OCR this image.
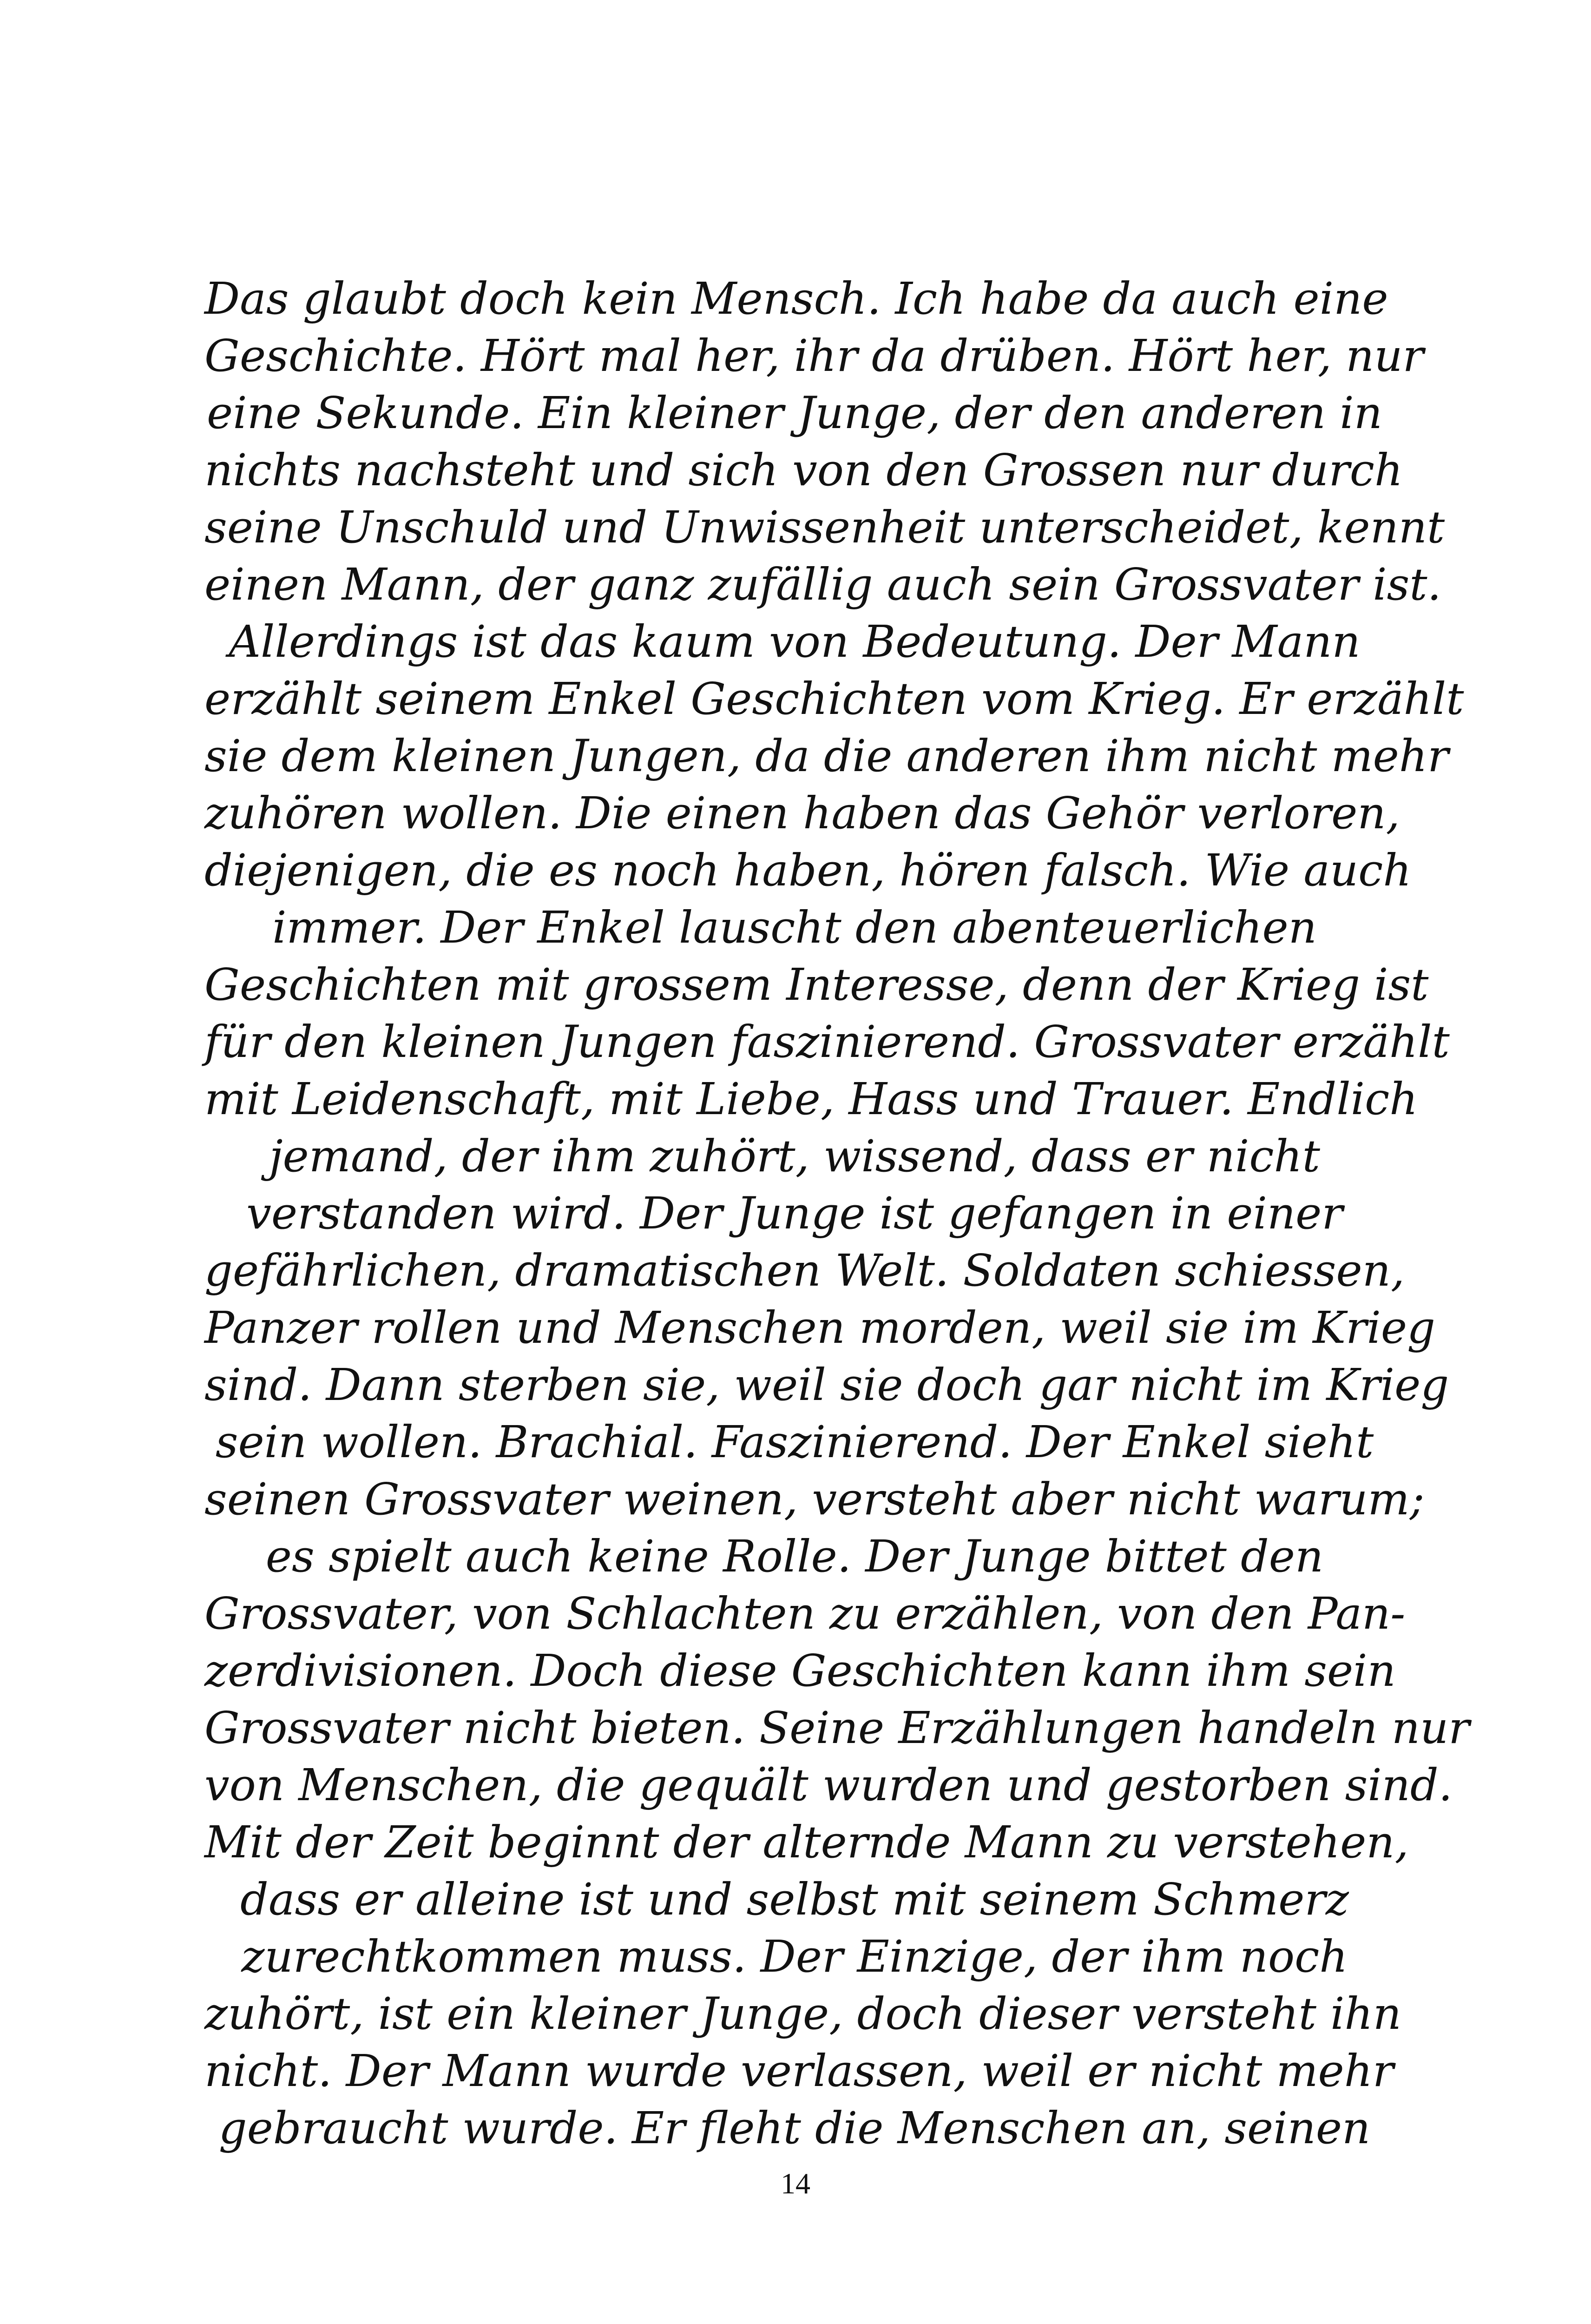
Das glaubt doch kein Mensch. Ich habe da auch eine
Geschichte. Hört mal her, ihr da drüben. Hört her, nur
eine Sekunde. Ein kleiner Junge, der den anderen in
nichts nachsteht und sich von den Grossen nur durch
seine Unschuld und Unwissenheit unterscheidet, kennt
einen Mann, der ganz zufällig auch sein Grossvater ist.
Allerdings ist das kaum von Bedeutung. Der Mann
erzählt seinem Enkel Geschichten vom Krieg. Er erzählt
sie dem kleinen Jungen, da die anderen ihm nicht mehr
zuhören wollen. Die einen haben das Gehör verloren,
diejenigen, die es noch haben, hören falsch. Wie auch
immer. Der Enkel lauscht den abenteuerlichen
Geschichten mit grossem Interesse, denn der Krieg ist
für den kleinen Jungen faszinierend. Grossvater erzählt
mit Leidenschaft, mit Liebe, Hass und Trauer. Endlich
jemand, der ihm zuhört, wissend, dass er nicht
verstanden wird. Der Junge ist gefangen in einer
gefährlichen, dramatischen Welt. Soldaten schiessen,
Panzer rollen und Menschen morden, weil sie im Krieg
sind. Dann sterben sie, weil sie doch gar nicht im Krieg
sein wollen. Brachial. Faszinierend. Der Enkel sieht
seinen Grossvater weinen, versteht aber nicht warum;
es spielt auch keine Rolle. Der Junge bittet den
Grossvater, von Schlachten zu erzählen, von den Pan-
zerdivisionen. Doch diese Geschichten kann ihm sein
Grossvater nicht bieten. Seine Erzählungen handeln nur
von Menschen, die gequält wurden und gestorben sind.
Mit der Zeit beginnt der alternde Mann zu verstehen,
dass er alleine ist und selbst mit seinem Schmerz
zurechtkommen muss. Der Einzige, der ihm noch
zuhört, ist ein kleiner Junge, doch dieser versteht ihn
nicht. Der Mann wurde verlassen, weil er nicht mehr
gebraucht wurde. Er fleht die Menschen an, seinen
14
